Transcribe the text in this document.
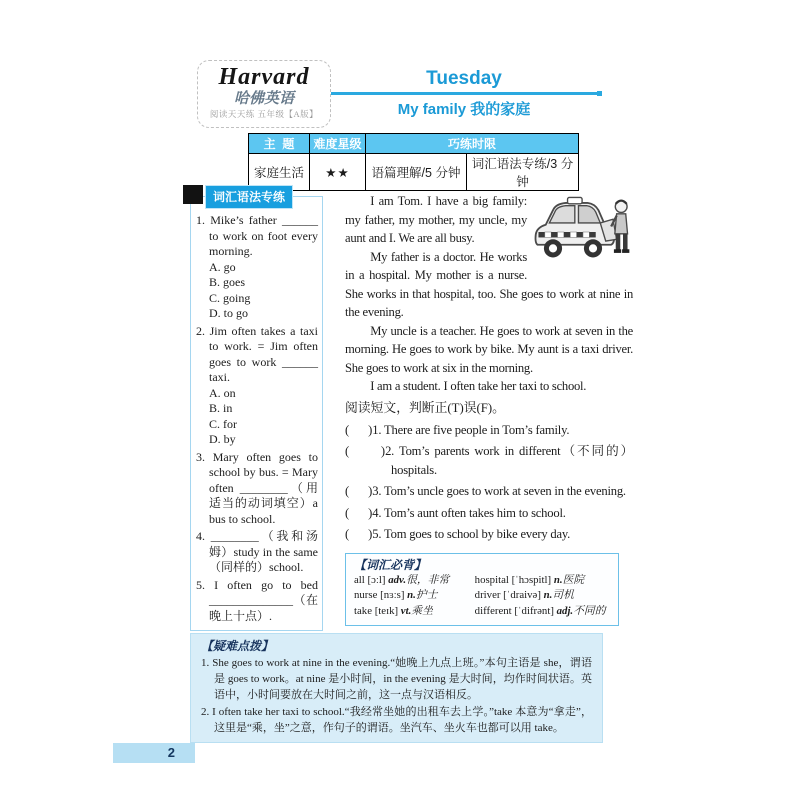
Harvard
哈佛英语
阅读天天练 五年级【A版】
Tuesday
My family 我的家庭
主  题	难度星级	巧练时限	
家庭生活	★★	语篇理解/5 分钟	词汇语法专练/3 分钟
词汇语法专练
1. Mike’s father ______ to work on foot every morning.
A. go
B. goes
C. going
D. to go
2. Jim often takes a taxi to work. = Jim often goes to work ______ taxi.
A. on
B. in
C. for
D. by
3. Mary often goes to school by bus. = Mary often ________（用适当的动词填空）a bus to school.
4. ________（我和汤姆）study in the same（同样的）school.
5. I often go to bed ______________（在晚上十点）.

I am Tom. I have a big family: my father, my mother, my uncle, my aunt and I. We are all busy.

My father is a doctor. He works in a hospital. My mother is a nurse. She works in that hospital, too. She goes to work at nine in the evening.

My uncle is a teacher. He goes to work at seven in the morning. He goes to work by bike. My aunt is a taxi driver. She goes to work at six in the morning.

I am a student. I often take her taxi to school.

阅读短文，判断正(T)误(F)。
(      )1. There are five people in Tom’s family.
(      )2. Tom’s parents work in different（不同的）hospitals.
(      )3. Tom’s uncle goes to work at seven in the evening.
(      )4. Tom’s aunt often takes him to school.
(      )5. Tom goes to school by bike every day.
【词汇必背】
all [ɔːl] adv.很，非常
nurse [nɜːs] n.护士
take [teɪk] vt.乘坐
hospital [ˈhɔspitl] n.医院
driver [ˈdraivə] n.司机
different [ˈdifrənt] adj.不同的
【疑难点拨】
1. She goes to work at nine in the evening.“她晚上九点上班。”本句主语是 she，谓语是 goes to work。at nine 是小时间，in the evening 是大时间，均作时间状语。英语中，小时间要放在大时间之前，这一点与汉语相反。
2. I often take her taxi to school.“我经常坐她的出租车去上学。”take 本意为“拿走”，这里是“乘，坐”之意，作句子的谓语。坐汽车、坐火车也都可以用 take。
2
